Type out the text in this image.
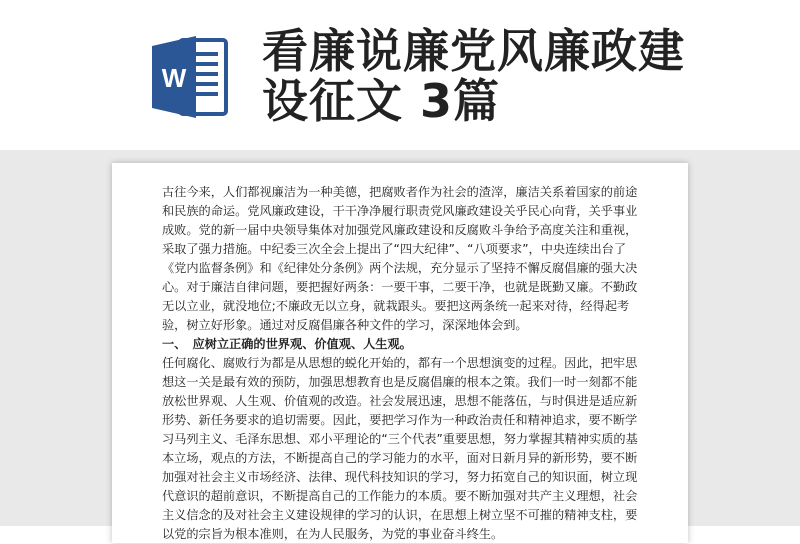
W 看廉说廉党风廉政建
设征文 3篇

古往今来，人们都视廉洁为一种美德，把腐败者作为社会的渣滓，廉洁关系着国家的前途和民族的命运。党风廉政建设，干干净净履行职责党风廉政建设关乎民心向背，关乎事业成败。党的新一届中央领导集体对加强党风廉政建设和反腐败斗争给予高度关注和重视，采取了强力措施。中纪委三次全会上提出了“四大纪律”、“八项要求”，中央连续出台了《党内监督条例》和《纪律处分条例》两个法规，充分显示了坚持不懈反腐倡廉的强大决心。对于廉洁自律问题，要把握好两条：一要干事，二要干净，也就是既勤又廉。不勤政无以立业，就没地位;不廉政无以立身，就栽跟头。要把这两条统一起来对待，经得起考验，树立好形象。通过对反腐倡廉各种文件的学习，深深地体会到。

一、　应树立正确的世界观、价值观、人生观。

任何腐化、腐败行为都是从思想的蜕化开始的，都有一个思想演变的过程。因此，把牢思想这一关是最有效的预防，加强思想教育也是反腐倡廉的根本之策。我们一时一刻都不能放松世界观、人生观、价值观的改造。社会发展迅速，思想不能落伍，与时俱进是适应新形势、新任务要求的追切需要。因此，要把学习作为一种政治责任和精神追求，要不断学习马列主义、毛泽东思想、邓小平理论的“三个代表”重要思想，努力掌握其精神实质的基本立场，观点的方法，不断提高自己的学习能力的水平，面对日新月异的新形势，要不断加强对社会主义市场经济、法律、现代科技知识的学习，努力拓宽自己的知识面，树立现代意识的超前意识，不断提高自己的工作能力的本质。要不断加强对共产主义理想，社会主义信念的及对社会主义建设规律的学习的认识，在思想上树立坚不可摧的精神支柱，要以党的宗旨为根本准则，在为人民服务，为党的事业奋斗终生。
